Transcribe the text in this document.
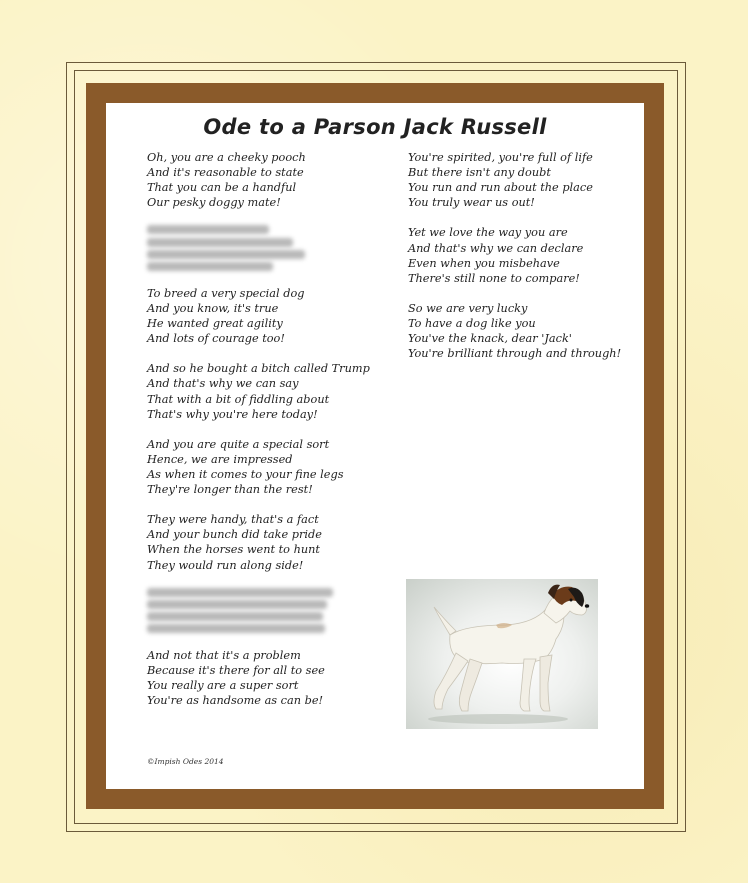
Ode to a Parson Jack Russell
Oh, you are a cheeky pooch
And it's reasonable to state
That you can be a handful
Our pesky doggy mate!
To breed a very special dog
And you know, it's true
He wanted great agility
And lots of courage too!
And so he bought a bitch called Trump
And that's why we can say
That with a bit of fiddling about
That's why you're here today!
And you are quite a special sort
Hence, we are impressed
As when it comes to your fine legs
They're longer than the rest!
They were handy, that's a fact
And your bunch did take pride
When the horses went to hunt
They would run along side!
And not that it's a problem
Because it's there for all to see
You really are a super sort
You're as handsome as can be!
You're spirited, you're full of life
But there isn't any doubt
You run and run about the place
You truly wear us out!
Yet we love the way you are
And that's why we can declare
Even when you misbehave
There's still none to compare!
So we are very lucky
To have a dog like you
You've the knack, dear 'Jack'
You're brilliant through and through!
©Impish Odes 2014
